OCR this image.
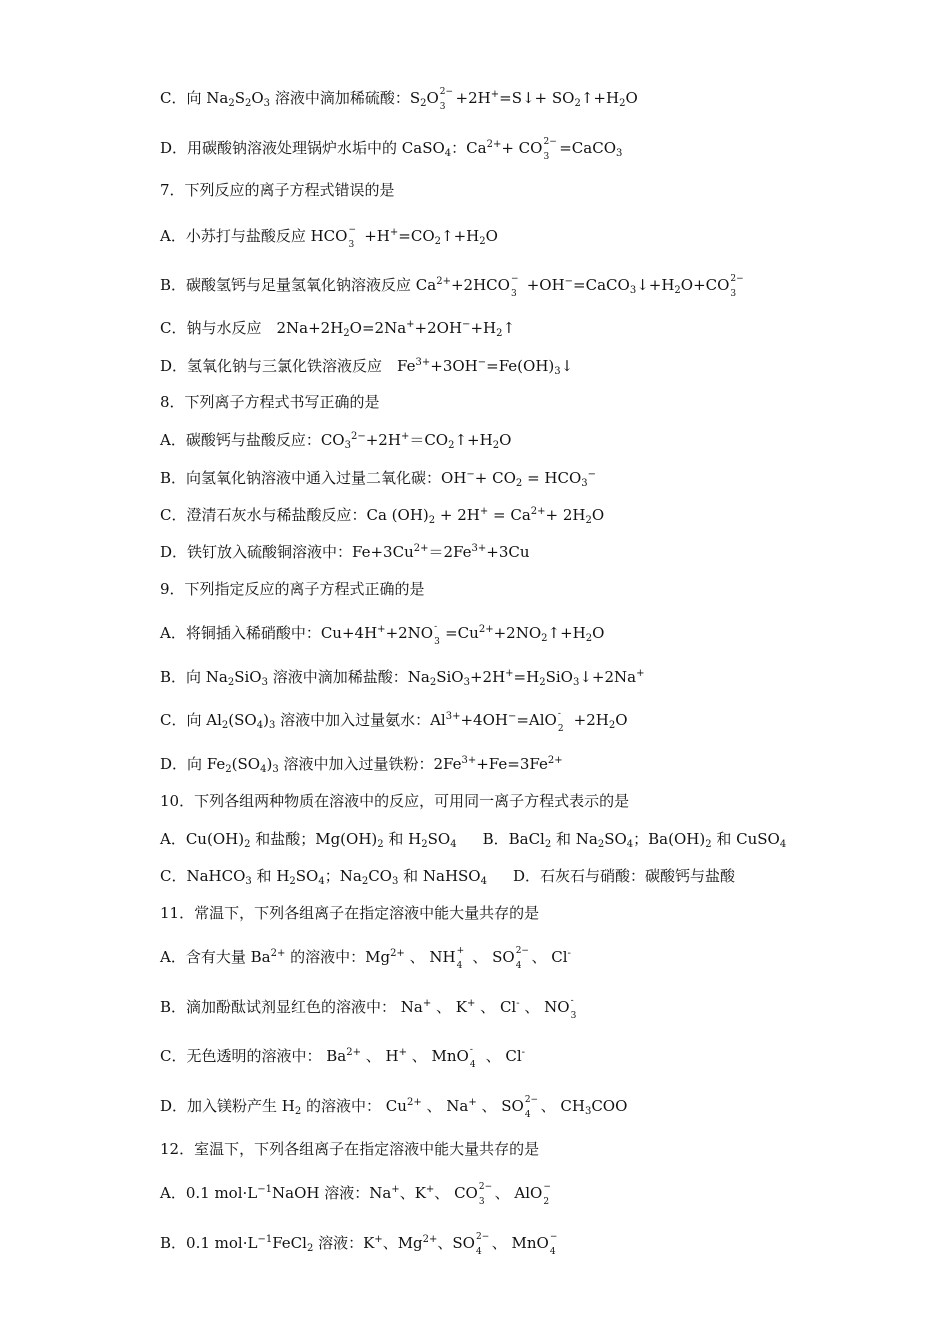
C．向 $Na_2S_2O_3$ 溶液中滴加稀硫酸：$S_2O$ 2−
3 +2H+=S↓+ $SO_2↑+H_2O$
D．用碳酸钠溶液处理锅炉水垢中的 CaSO$_4$：$Ca^{2+}+$ CO 2−
3 =CaCO$_3$
7．下列反应的离子方程式错误的是
A．小苏打与盐酸反应 HCO −
$3 +H^+=CO_2↑+H_2O$
B．碳酸氢钙与足量氢氧化钠溶液反应 $Ca^{2+}+2HCO$ −
$3 +OH^-=CaCO_3↓+H_2O+CO$ 2−
3
C．钠与水反应　$2Na+2H_2O=2Na^++2OH^-+H_2↑$
D．氢氧化钠与三氯化铁溶液反应　$Fe^{3+}+3OH^-=Fe(OH)_3↓$
8．下列离子方程式书写正确的是
A．碳酸钙与盐酸反应：$CO_3^{2-}+2H^+=CO_2↑+H_2O$
B．向氢氧化钠溶液中通入过量二氧化碳：$OH^-+ CO_2 = HCO_3^-$
C．澄清石灰水与稀盐酸反应：Ca $(OH)_2 + 2H^+ = Ca^{2+}+ 2H_2O$
D．铁钉放入硫酸铜溶液中：$Fe+3Cu^{2+}=2Fe^{3+}+3Cu$
9．下列指定反应的离子方程式正确的是
A．将铜插入稀硝酸中：Cu+4H++2NO -
$3 =Cu^{2+}+2NO_2↑+H_2O$
B．向 $Na_2SiO_3$ 溶液中滴加稀盐酸：$Na_2SiO_3+2H^+=H_2SiO_3↓+2Na^+$
C．向 $Al_2(SO_4)_3$ 溶液中加入过量氨水：$Al^{3+}+4OH^-=AlO$ -
$2 +2H_2O$
D．向 $Fe_2(SO_4)_3$ 溶液中加入过量铁粉：$2Fe^{3+}+Fe=3Fe^{2+}$
10．下列各组两种物质在溶液中的反应，可用同一离子方程式表示的是
A．$Cu(OH)_2$ 和盐酸；$Mg(OH)_2$ 和 $H_2SO_4$ B．BaCl$_2$ 和 $Na_2SO_4$；$Ba(OH)_2$ 和 CuSO$_4$
C．NaHCO$_3$ 和 $H_2SO_4$；$Na_2CO_3$ 和 NaHSO$_4$ D．石灰石与硝酸：碳酸钙与盐酸
11．常温下，下列各组离子在指定溶液中能大量共存的是
A．含有大量 $Ba^{2+}$ 的溶液中：$Mg^{2+}$ 、 NH +
4 、 SO 2−
4 、 Cl-
B．滴加酚酞试剂显红色的溶液中： Na+ 、 K+ 、 Cl- 、 NO -
3
C．无色透明的溶液中： $Ba^{2+}$ 、 H+ 、 MnO -
4 、 Cl-
D．加入镁粉产生 $H_2$ 的溶液中： $Cu^{2+}$ 、 Na+ 、 SO 2−
4 、 $CH_3COO$
12．室温下，下列各组离子在指定溶液中能大量共存的是
A．0.1 $mol\cdot L^{-1}NaOH$ 溶液：Na+、K+、 CO 2−
3 、 AlO −
2
B．0.1 $mol\cdot L^{-1}FeCl_2$ 溶液：K+、$Mg^{2+}$、SO 2−
4 、 MnO −
4
